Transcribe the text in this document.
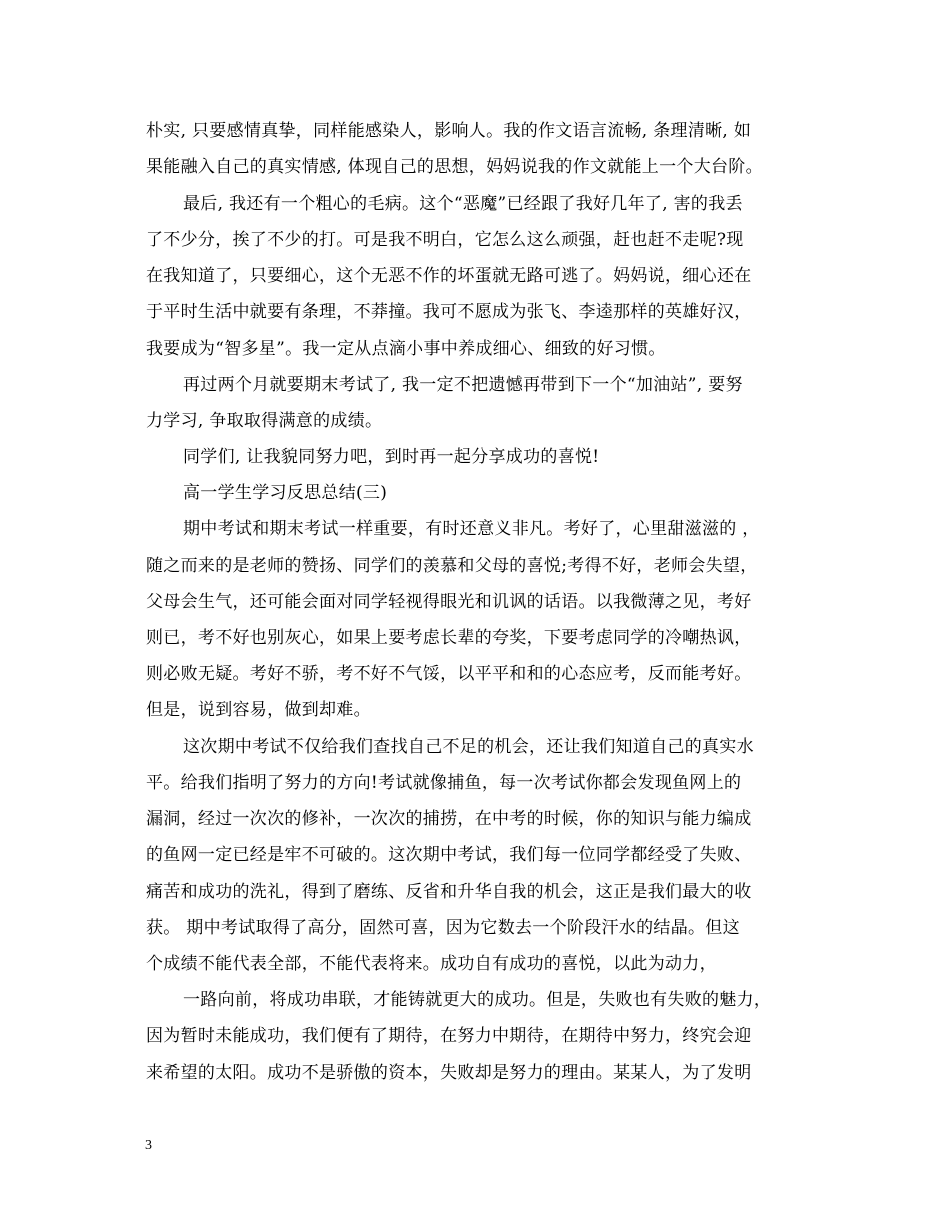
朴实, 只要感情真挚，同样能感染人，影响人。我的作文语言流畅, 条理清晰, 如
果能融入自己的真实情感, 体现自己的思想，妈妈说我的作文就能上一个大台阶。
最后, 我还有一个粗心的毛病。这个“恶魔”已经跟了我好几年了, 害的我丢
了不少分，挨了不少的打。可是我不明白，它怎么这么顽强，赶也赶不走呢?现
在我知道了，只要细心，这个无恶不作的坏蛋就无路可逃了。妈妈说，细心还在
于平时生活中就要有条理，不莽撞。我可不愿成为张飞、李逵那样的英雄好汉，
我要成为“智多星”。我一定从点滴小事中养成细心、细致的好习惯。
再过两个月就要期末考试了, 我一定不把遗憾再带到下一个“加油站”, 要努
力学习, 争取取得满意的成绩。
同学们, 让我貌同努力吧，到时再一起分享成功的喜悦!
高一学生学习反思总结(三)
期中考试和期末考试一样重要，有时还意义非凡。考好了，心里甜滋滋的 ，
随之而来的是老师的赞扬、同学们的羡慕和父母的喜悦;考得不好，老师会失望，
父母会生气，还可能会面对同学轻视得眼光和讥讽的话语。以我微薄之见，考好
则已，考不好也别灰心，如果上要考虑长辈的夸奖，下要考虑同学的冷嘲热讽，
则必败无疑。考好不骄，考不好不气馁，以平平和和的心态应考，反而能考好。
但是，说到容易，做到却难。
这次期中考试不仅给我们查找自己不足的机会，还让我们知道自己的真实水
平。给我们指明了努力的方向!考试就像捕鱼，每一次考试你都会发现鱼网上的
漏洞，经过一次次的修补，一次次的捕捞，在中考的时候，你的知识与能力编成
的鱼网一定已经是牢不可破的。这次期中考试，我们每一位同学都经受了失败、
痛苦和成功的洗礼，得到了磨练、反省和升华自我的机会，这正是我们最大的收
获。 期中考试取得了高分，固然可喜，因为它数去一个阶段汗水的结晶。但这
个成绩不能代表全部，不能代表将来。成功自有成功的喜悦，以此为动力，
一路向前，将成功串联，才能铸就更大的成功。但是，失败也有失败的魅力，
因为暂时未能成功，我们便有了期待，在努力中期待，在期待中努力，终究会迎
来希望的太阳。成功不是骄傲的资本，失败却是努力的理由。某某人，为了发明
3
